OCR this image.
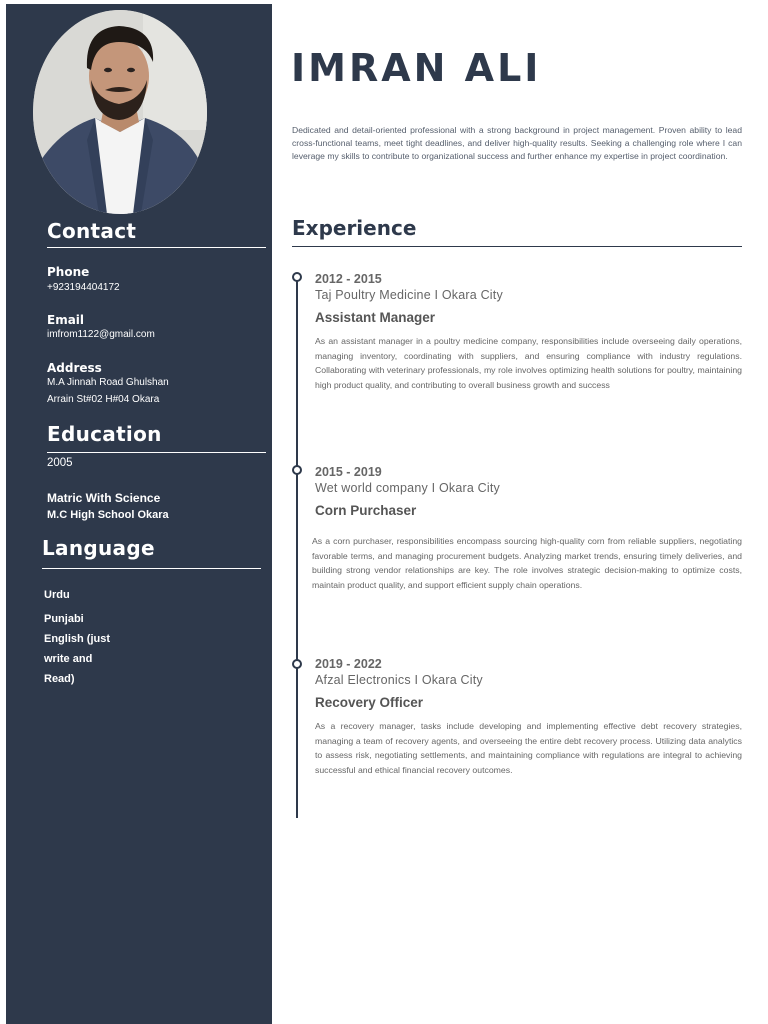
Contact
Phone
+923194404172
Email
imfrom1122@gmail.com
Address
M.A Jinnah Road Ghulshan
Arrain St#02 H#04 Okara
Education
2005
Matric With Science
M.C High School Okara
Language
Urdu
Punjabi
English (just
write and
Read)
IMRAN ALI
Dedicated and detail-oriented professional with a strong background in project management. Proven ability to lead cross-functional teams, meet tight deadlines, and deliver high-quality results. Seeking a challenging role where I can leverage my skills to contribute to organizational success and further enhance my expertise in project coordination.
Experience
2012 - 2015
Taj Poultry Medicine I Okara City
Assistant Manager
As an assistant manager in a poultry medicine company, responsibilities include overseeing daily operations, managing inventory, coordinating with suppliers, and ensuring compliance with industry regulations. Collaborating with veterinary professionals, my role involves optimizing health solutions for poultry, maintaining high product quality, and contributing to overall business growth and success
2015 - 2019
Wet world company I Okara City
Corn Purchaser
As a corn purchaser, responsibilities encompass sourcing high-quality corn from reliable suppliers, negotiating favorable terms, and managing procurement budgets. Analyzing market trends, ensuring timely deliveries, and building strong vendor relationships are key. The role involves strategic decision-making to optimize costs, maintain product quality, and support efficient supply chain operations.
2019 - 2022
Afzal Electronics I Okara City
Recovery Officer
As a recovery manager, tasks include developing and implementing effective debt recovery strategies, managing a team of recovery agents, and overseeing the entire debt recovery process. Utilizing data analytics to assess risk, negotiating settlements, and maintaining compliance with regulations are integral to achieving successful and ethical financial recovery outcomes.
